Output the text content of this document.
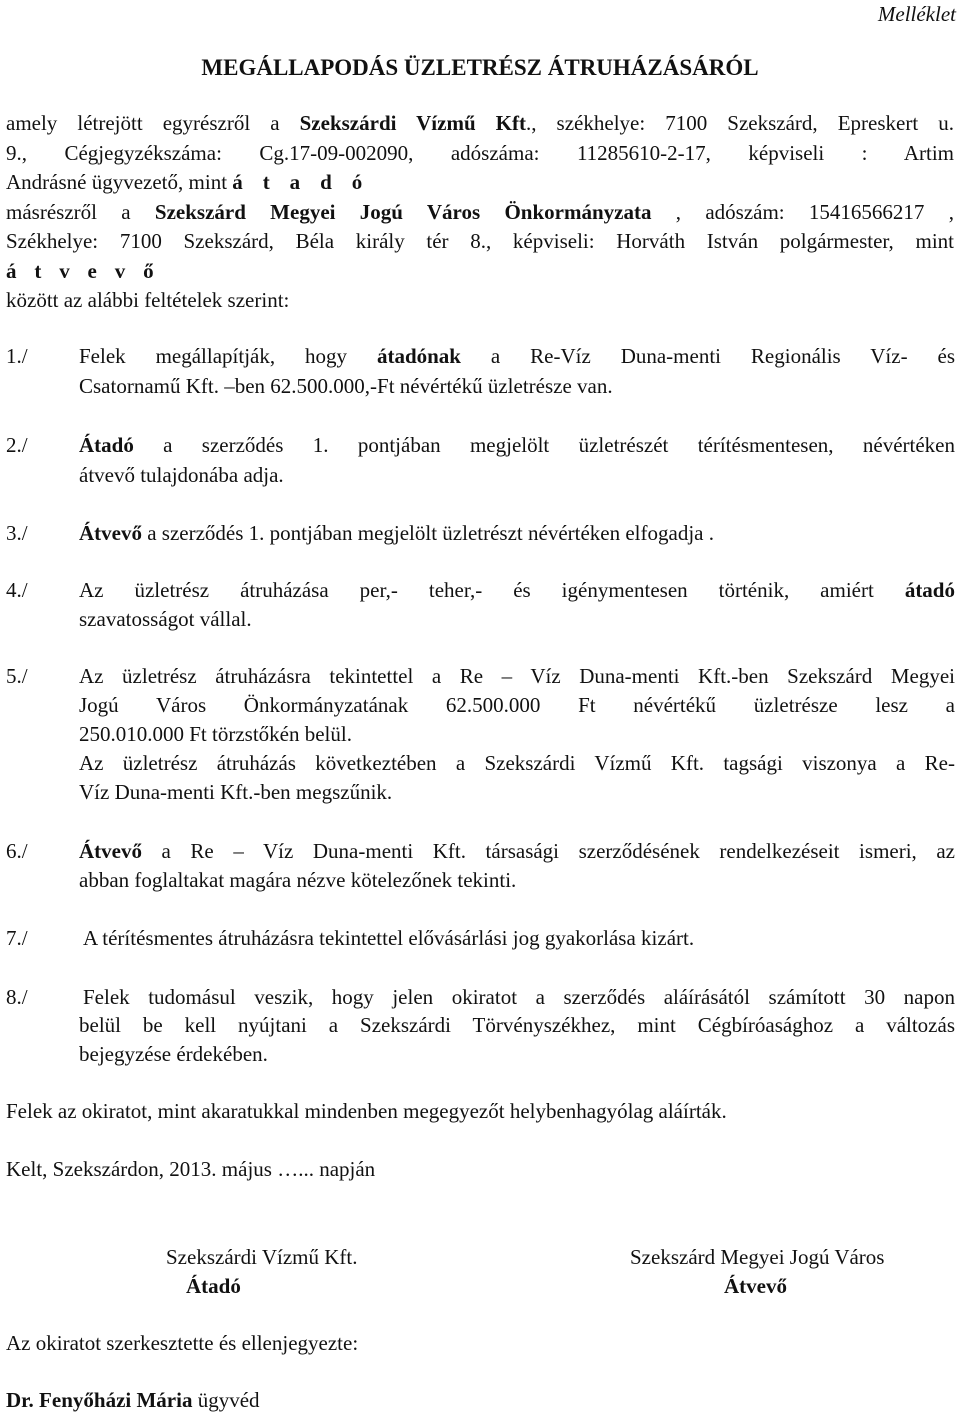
Melléklet
MEGÁLLAPODÁS ÜZLETRÉSZ ÁTRUHÁZÁSÁRÓL
amely létrejött egyrészről a Szekszárdi Vízmű Kft., székhelye: 7100 Szekszárd, Epreskert u.
9., Cégjegyzékszáma: Cg.17-09-002090, adószáma: 11285610-2-17, képviseli : Artim
Andrásné ügyvezető, mint á t a d ó
másrészről a Szekszárd Megyei Jogú Város Önkormányzata , adószám: 15416566217 ,
Székhelye: 7100 Szekszárd, Béla király tér 8., képviseli: Horváth István polgármester, mint
á t v e v ő
között az alábbi feltételek szerint:
1./ Felek megállapítják, hogy átadónak a Re-Víz Duna-menti Regionális Víz- és
Csatornamű Kft. –ben 62.500.000,-Ft névértékű üzletrésze van.
2./ Átadó a szerződés 1. pontjában megjelölt üzletrészét térítésmentesen, névértéken
átvevő tulajdonába adja.
3./ Átvevő a szerződés 1. pontjában megjelölt üzletrészt névértéken elfogadja .
4./ Az üzletrész átruházása per,- teher,- és igénymentesen történik, amiért átadó
szavatosságot vállal.
5./ Az üzletrész átruházásra tekintettel a Re – Víz Duna-menti Kft.-ben Szekszárd Megyei
Jogú Város Önkormányzatának 62.500.000 Ft névértékű üzletrésze lesz a
250.010.000 Ft törzstőkén belül.
Az üzletrész átruházás következtében a Szekszárdi Vízmű Kft. tagsági viszonya a Re-
Víz Duna-menti Kft.-ben megszűnik.
6./ Átvevő a Re – Víz Duna-menti Kft. társasági szerződésének rendelkezéseit ismeri, az
abban foglaltakat magára nézve kötelezőnek tekinti.
7./	A térítésmentes átruházásra tekintettel elővásárlási jog gyakorlása kizárt.
8./	Felek tudomásul veszik, hogy jelen okiratot a szerződés aláírásától számított 30 napon
belül be kell nyújtani a Szekszárdi Törvényszékhez, mint Cégbíróasághoz a változás
bejegyzése érdekében.
Felek az okiratot, mint akaratukkal mindenben megegyezőt helybenhagyólag aláírták.
Kelt, Szekszárdon, 2013. május …... napján
Szekszárdi Vízmű Kft.
Átadó
Szekszárd Megyei Jogú Város
Átvevő
Az okiratot szerkesztette és ellenjegyezte:
Dr. Fenyőházi Mária ügyvéd
